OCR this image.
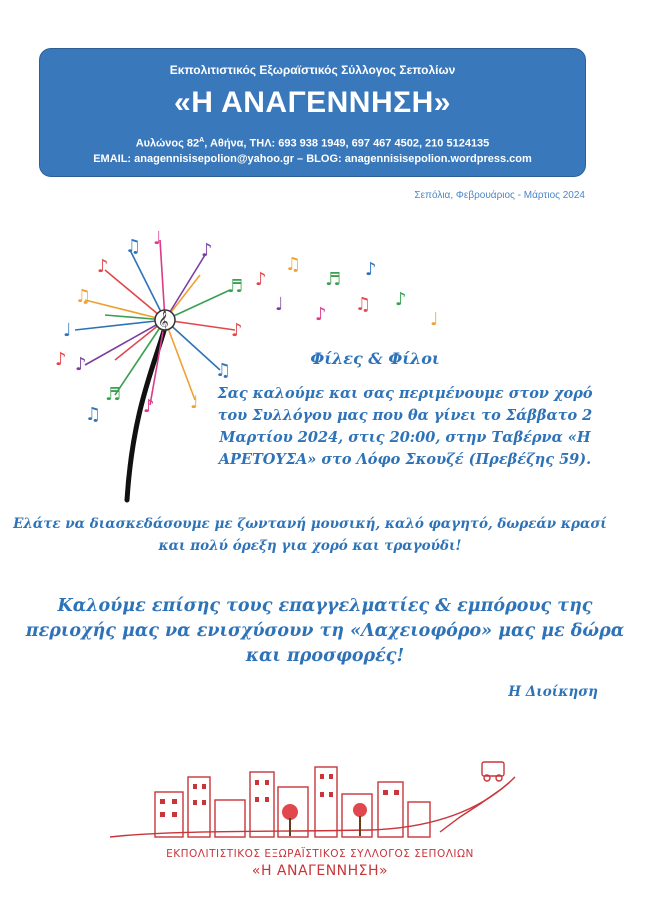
Εκπολιτιστικός Εξωραϊστικός Σύλλογος Σεπολίων
«Η ΑΝΑΓΕΝΝΗΣΗ»
Αυλώνος $82^A$, Αθήνα, ΤΗΛ: 693 938 1949, 697 467 4502, 210 5124135
EMAIL: anagennisisepolion@yahoo.gr – BLOG: anagennisisepolion.wordpress.com
Σεπόλια, Φεβρουάριος - Μάρτιος 2024
𝄞
♪
♫
♩
♪
♬
♪ ♩
♫
♪
♬
♪
♩
♫
♪
♫
♬ ♪
♩ ♪ ♫ ♪
♩
♪
♫
Φίλες & Φίλοι
Σας καλούμε και σας περιμένουμε στον χορό του Συλλόγου μας που θα γίνει το Σάββατο 2 Μαρτίου 2024, στις 20:00, στην Ταβέρνα «Η ΑΡΕΤΟΥΣΑ» στο Λόφο Σκουζέ (Πρεβέζης 59).
Ελάτε να διασκεδάσουμε με ζωντανή μουσική, καλό φαγητό, δωρεάν κρασί και πολύ όρεξη για χορό και τραγούδι!
Καλούμε επίσης τους επαγγελματίες & εμπόρους της περιοχής μας να ενισχύσουν τη «Λαχειοφόρο» μας με δώρα και προσφορές!
Η Διοίκηση
ΕΚΠΟΛΙΤΙΣΤΙΚΟΣ ΕΞΩΡΑΪΣΤΙΚΟΣ ΣΥΛΛΟΓΟΣ ΣΕΠΟΛΙΩΝ
«Η ΑΝΑΓΕΝΝΗΣΗ»
